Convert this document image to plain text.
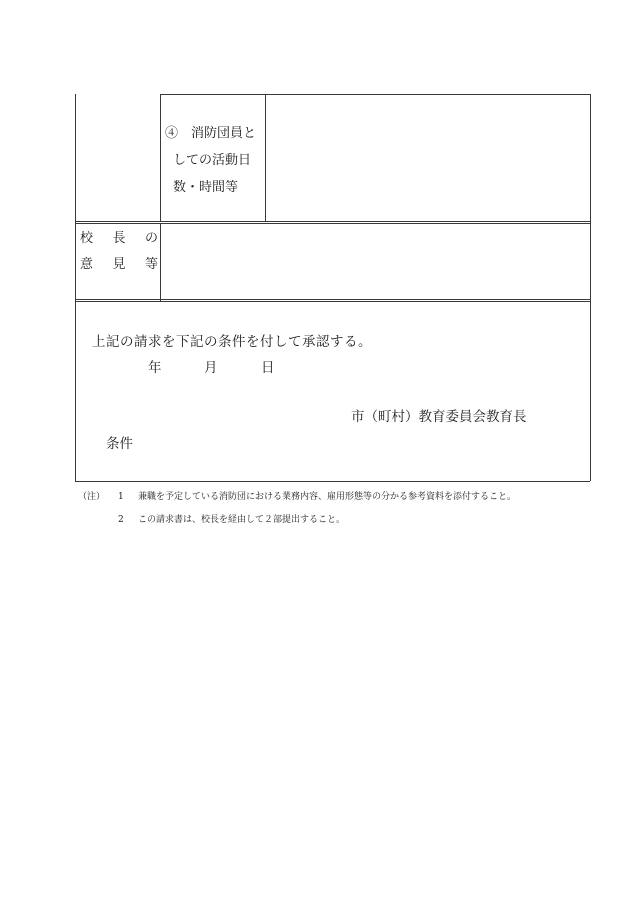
④　消防団員と
しての活動日
数・時間等
校 長 の
意 見 等
上記の請求を下記の条件を付して承認する。
年	月	日
市（町村）教育委員会教育長
条件
（注） 1 兼職を予定している消防団における業務内容、雇用形態等の分かる参考資料を添付すること。
2 この請求書は、校長を経由して２部提出すること。
